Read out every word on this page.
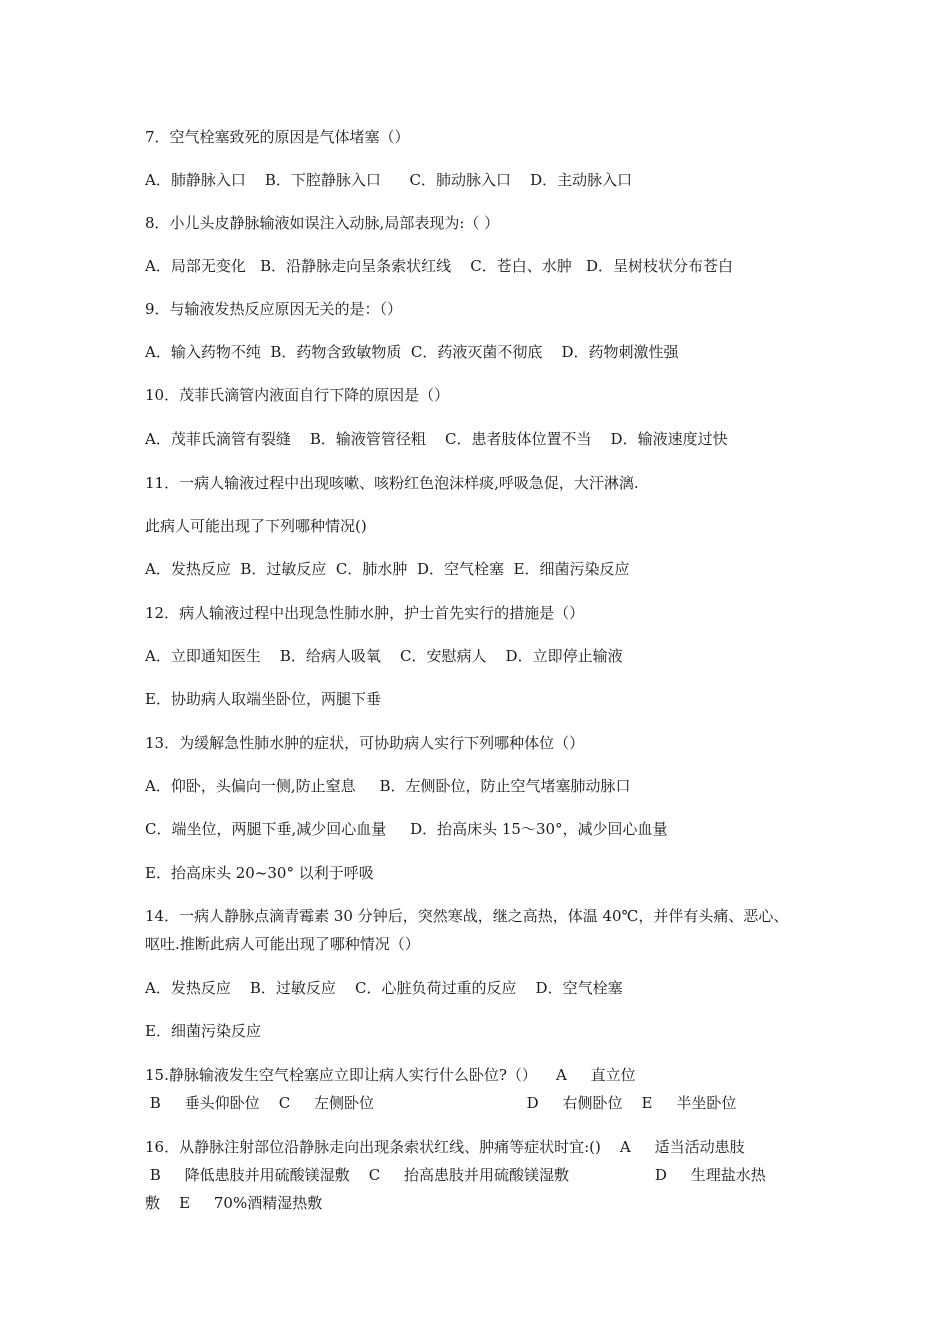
7．空气栓塞致死的原因是气体堵塞（）

A．肺静脉入口    B．下腔静脉入口      C．肺动脉入口    D．主动脉入口

8．小儿头皮静脉输液如误注入动脉,局部表现为:（ ）

A．局部无变化   B．沿静脉走向呈条索状红线    C．苍白、水肿   D．呈树枝状分布苍白

9．与输液发热反应原因无关的是：（）

A．输入药物不纯  B．药物含致敏物质  C．药液灭菌不彻底    D．药物刺激性强

10．茂菲氏滴管内液面自行下降的原因是（）

A．茂菲氏滴管有裂缝    B．输液管管径粗    C．患者肢体位置不当    D．输液速度过快

11．一病人输液过程中出现咳嗽、咳粉红色泡沫样痰,呼吸急促，大汗淋漓.

此病人可能出现了下列哪种情况()

A．发热反应  B．过敏反应  C．肺水肿  D．空气栓塞  E．细菌污染反应

12．病人输液过程中出现急性肺水肿，护士首先实行的措施是（）

A．立即通知医生    B．给病人吸氧    C．安慰病人    D．立即停止输液

E．协助病人取端坐卧位，两腿下垂

13．为缓解急性肺水肿的症状，可协助病人实行下列哪种体位（）

A．仰卧，头偏向一侧,防止窒息     B．左侧卧位，防止空气堵塞肺动脉口

C．端坐位，两腿下垂,减少回心血量     D．抬高床头 15～30°，减少回心血量

E．抬高床头 20~30° 以利于呼吸

14．一病人静脉点滴青霉素 30 分钟后，突然寒战，继之高热，体温 40℃，并伴有头痛、恶心、

呕吐.推断此病人可能出现了哪种情况（）

A．发热反应    B．过敏反应    C．心脏负荷过重的反应    D．空气栓塞

E．细菌污染反应

15.静脉输液发生空气栓塞应立即让病人实行什么卧位?（）    A     直立位

B     垂头仰卧位    C     左侧卧位                                D     右侧卧位    E     半坐卧位

16．从静脉注射部位沿静脉走向出现条索状红线、肿痛等症状时宜:()    A     适当活动患肢

B     降低患肢并用硫酸镁湿敷    C     抬高患肢并用硫酸镁湿敷                  D     生理盐水热

敷    E     70%酒精湿热敷
